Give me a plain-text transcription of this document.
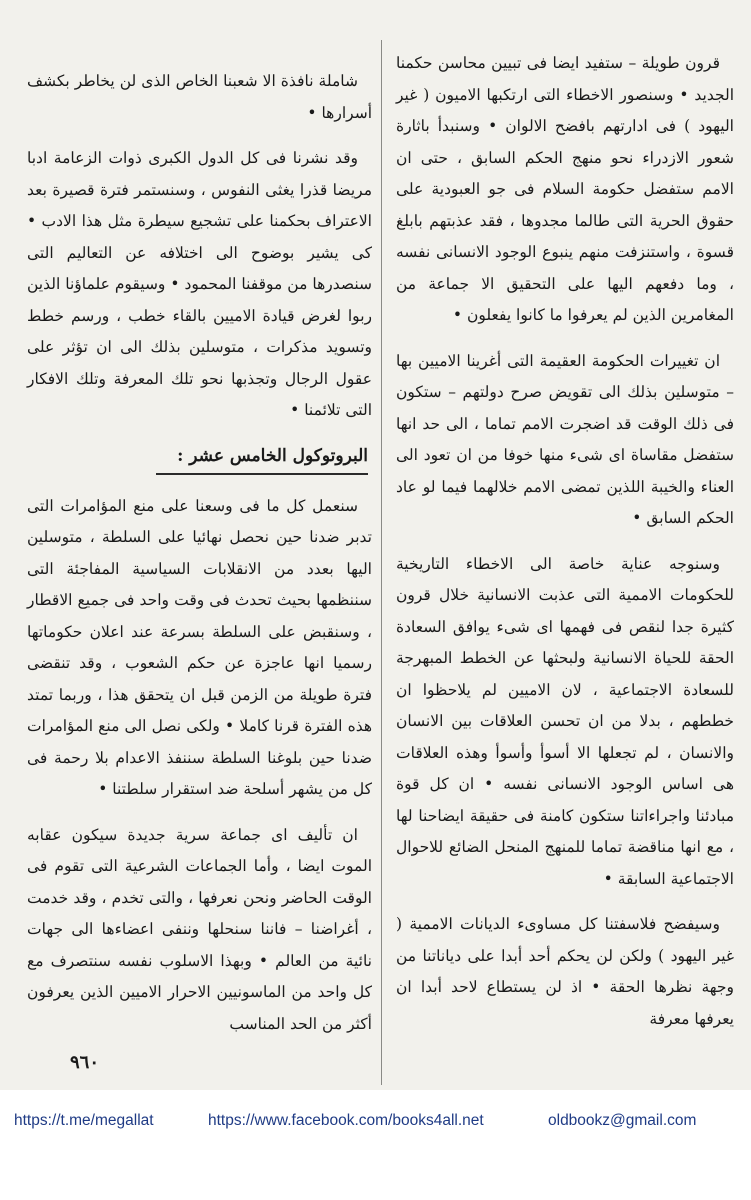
قرون طويلة – ستفيد ايضا فى تبيين محاسن حكمنا الجديد • وسنصور الاخطاء التى ارتكبها الاميون ( غير اليهود ) فى ادارتهم بافضح الالوان • وسنبدأ باثارة شعور الازدراء نحو منهج الحكم السابق ، حتى ان الامم ستفضل حكومة السلام فى جو العبودية على حقوق الحرية التى طالما مجدوها ، فقد عذبتهم بابلغ قسوة ، واستنزفت منهم ينبوع الوجود الانسانى نفسه ، وما دفعهم اليها على التحقيق الا جماعة من المغامرين الذين لم يعرفوا ما كانوا يفعلون •

ان تغييرات الحكومة العقيمة التى أغرينا الاميين بها – متوسلين بذلك الى تقويض صرح دولتهم – ستكون فى ذلك الوقت قد اضجرت الامم تماما ، الى حد انها ستفضل مقاساة اى شىء منها خوفا من ان تعود الى العناء والخيبة اللذين تمضى الامم خلالهما فيما لو عاد الحكم السابق •

وسنوجه عناية خاصة الى الاخطاء التاريخية للحكومات الاممية التى عذبت الانسانية خلال قرون كثيرة جدا لنقص فى فهمها اى شىء يوافق السعادة الحقة للحياة الانسانية ولبحثها عن الخطط المبهرجة للسعادة الاجتماعية ، لان الاميين لم يلاحظوا ان خططهم ، بدلا من ان تحسن العلاقات بين الانسان والانسان ، لم تجعلها الا أسوأ وأسوأ وهذه العلاقات هى اساس الوجود الانسانى نفسه • ان كل قوة مبادئنا واجراءاتنا ستكون كامنة فى حقيقة ايضاحنا لها ، مع انها مناقضة تماما للمنهج المنحل الضائع للاحوال الاجتماعية السابقة •

وسيفضح فلاسفتنا كل مساوىء الديانات الاممية ( غير اليهود ) ولكن لن يحكم أحد أبدا على دياناتنا من وجهة نظرها الحقة • اذ لن يستطاع لاحد أبدا ان يعرفها معرفة

شاملة نافذة الا شعبنا الخاص الذى لن يخاطر بكشف أسرارها •

وقد نشرنا فى كل الدول الكبرى ذوات الزعامة ادبا مريضا قذرا يغثى النفوس ، وسنستمر فترة قصيرة بعد الاعتراف بحكمنا على تشجيع سيطرة مثل هذا الادب • كى يشير بوضوح الى اختلافه عن التعاليم التى سنصدرها من موقفنا المحمود • وسيقوم علماؤنا الذين ربوا لغرض قيادة الاميين بالقاء خطب ، ورسم خطط وتسويد مذكرات ، متوسلين بذلك الى ان تؤثر على عقول الرجال وتجذبها نحو تلك المعرفة وتلك الافكار التى تلائمنا •

البروتوكول الخامس عشر :

سنعمل كل ما فى وسعنا على منع المؤامرات التى تدبر ضدنا حين نحصل نهائيا على السلطة ، متوسلين اليها بعدد من الانقلابات السياسية المفاجئة التى سننظمها بحيث تحدث فى وقت واحد فى جميع الاقطار ، وسنقبض على السلطة بسرعة عند اعلان حكوماتها رسميا انها عاجزة عن حكم الشعوب ، وقد تنقضى فترة طويلة من الزمن قبل ان يتحقق هذا ، وربما تمتد هذه الفترة قرنا كاملا • ولكى نصل الى منع المؤامرات ضدنا حين بلوغنا السلطة سننفذ الاعدام بلا رحمة فى كل من يشهر أسلحة ضد استقرار سلطتنا •

ان تأليف اى جماعة سرية جديدة سيكون عقابه الموت ايضا ، وأما الجماعات الشرعية التى تقوم فى الوقت الحاضر ونحن نعرفها ، والتى تخدم ، وقد خدمت ، أغراضنا – فاننا سنحلها وننفى اعضاءها الى جهات نائية من العالم • وبهذا الاسلوب نفسه سنتصرف مع كل واحد من الماسونيين الاحرار الاميين الذين يعرفون أكثر من الحد المناسب

٩٦٠
https://t.me/megallat	https://www.facebook.com/books4all.net	oldbookz@gmail.com
